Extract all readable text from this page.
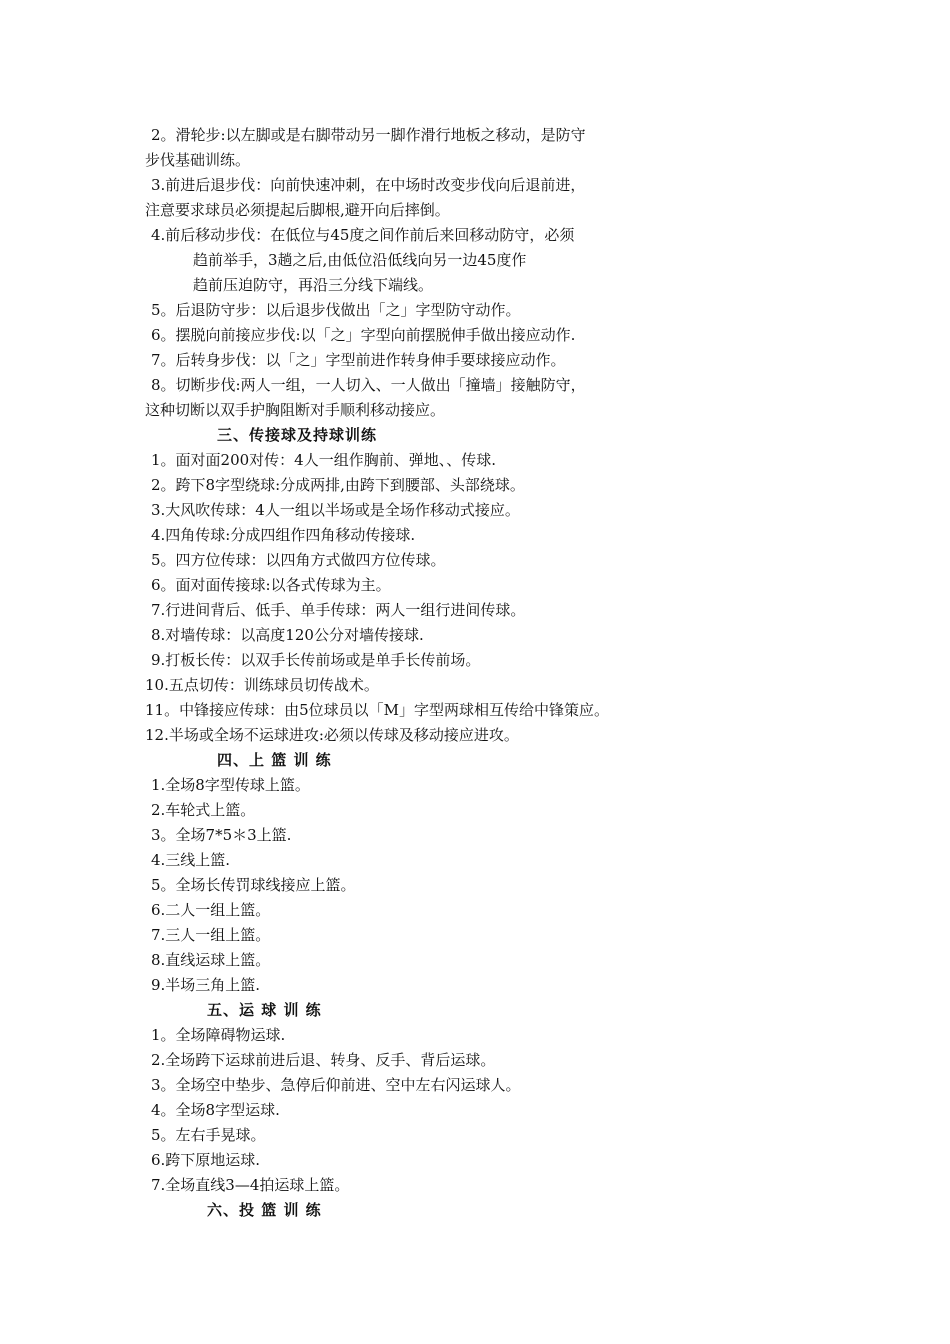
2。滑轮步:以左脚或是右脚带动另一脚作滑行地板之移动，是防守
步伐基础训练。
3.前进后退步伐：向前快速冲刺，在中场时改变步伐向后退前进，
注意要求球员必须提起后脚根,避开向后摔倒。
4.前后移动步伐：在低位与45度之间作前后来回移动防守，必须
趋前举手，3趟之后,由低位沿低线向另一边45度作
趋前压迫防守，再沿三分线下端线。
5。后退防守步：以后退步伐做出「之」字型防守动作。
6。摆脱向前接应步伐:以「之」字型向前摆脱伸手做出接应动作.
7。后转身步伐：以「之」字型前进作转身伸手要球接应动作。
8。切断步伐:两人一组，一人切入、一人做出「撞墙」接触防守，
这种切断以双手护胸阻断对手顺利移动接应。
三、传接球及持球训练
1。面对面200对传：4人一组作胸前、弹地、、传球.
2。跨下8字型绕球:分成两排,由跨下到腰部、头部绕球。
3.大风吹传球：4人一组以半场或是全场作移动式接应。
4.四角传球:分成四组作四角移动传接球.
5。四方位传球：以四角方式做四方位传球。
6。面对面传接球:以各式传球为主。
7.行进间背后、低手、单手传球：两人一组行进间传球。
8.对墙传球：以高度120公分对墙传接球.
9.打板长传：以双手长传前场或是单手长传前场。
10.五点切传：训练球员切传战术。
11。中锋接应传球：由5位球员以「M」字型两球相互传给中锋策应。
12.半场或全场不运球进攻:必须以传球及移动接应进攻。
四、上 篮 训 练
1.全场8字型传球上篮。
2.车轮式上篮。
3。全场7*5＊3上篮.
4.三线上篮.
5。全场长传罚球线接应上篮。
6.二人一组上篮。
7.三人一组上篮。
8.直线运球上篮。
9.半场三角上篮.
五、运 球 训 练
1。全场障碍物运球.
2.全场跨下运球前进后退、转身、反手、背后运球。
3。全场空中垫步、急停后仰前进、空中左右闪运球人。
4。全场8字型运球.
5。左右手晃球。
6.跨下原地运球.
7.全场直线3—4拍运球上篮。
六、投 篮 训 练
